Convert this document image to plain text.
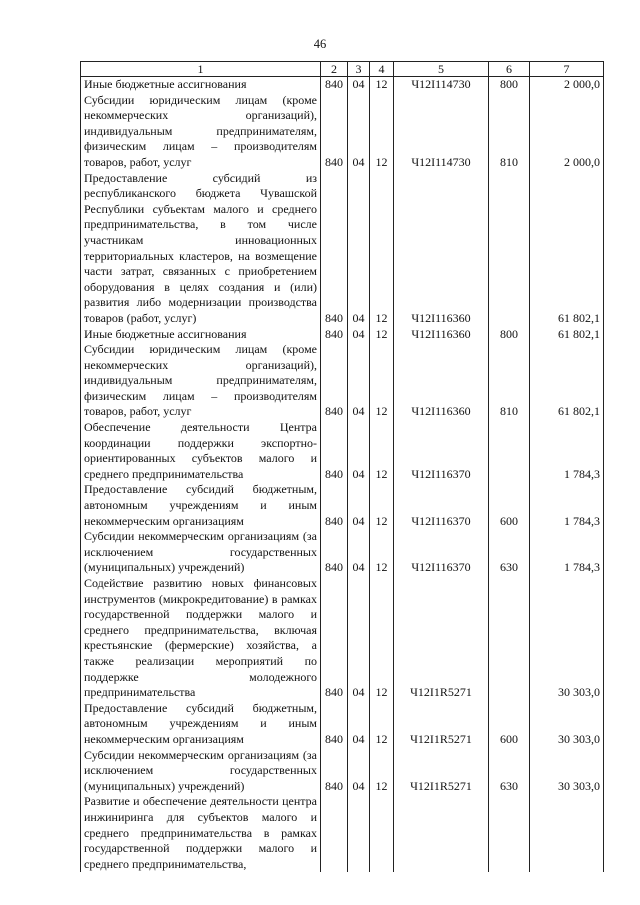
46
1	2	3	4	5	6	7
Иные бюджетные ассигнования	840	04	12	Ч12I114730	800	2 000,0
Субсидии юридическим лицам (кроме некоммерческих организаций), индивидуальным предпринимателям, физическим лицам – производителям товаров, работ, услуг	840	04	12	Ч12I114730	810	2 000,0
Предоставление субсидий из республиканского бюджета Чувашской Республики субъектам малого и среднего предпринимательства, в том числе участникам инновационных территориальных кластеров, на возмещение части затрат, связанных с приобретением оборудования в целях создания и (или) развития либо модернизации производства товаров (работ, услуг)	840	04	12	Ч12I116360		61 802,1
Иные бюджетные ассигнования	840	04	12	Ч12I116360	800	61 802,1
Субсидии юридическим лицам (кроме некоммерческих организаций), индивидуальным предпринимателям, физическим лицам – производителям товаров, работ, услуг	840	04	12	Ч12I116360	810	61 802,1
Обеспечение деятельности Центра координации поддержки экспортно-ориентированных субъектов малого и среднего предпринимательства	840	04	12	Ч12I116370		1 784,3
Предоставление субсидий бюджетным, автономным учреждениям и иным некоммерческим организациям	840	04	12	Ч12I116370	600	1 784,3
Субсидии некоммерческим организациям (за исключением государственных (муниципальных) учреждений)	840	04	12	Ч12I116370	630	1 784,3
Содействие развитию новых финансовых инструментов (микрокредитование) в рамках государственной поддержки малого и среднего предпринимательства, включая крестьянские (фермерские) хозяйства, а также реализации мероприятий по поддержке молодежного предпринимательства	840	04	12	Ч12I1R5271		30 303,0
Предоставление субсидий бюджетным, автономным учреждениям и иным некоммерческим организациям	840	04	12	Ч12I1R5271	600	30 303,0
Субсидии некоммерческим организациям (за исключением государственных (муниципальных) учреждений)	840	04	12	Ч12I1R5271	630	30 303,0
Развитие и обеспечение деятельности центра инжиниринга для субъектов малого и среднего предпринимательства в рамках государственной поддержки малого и среднего предпринимательства,						
